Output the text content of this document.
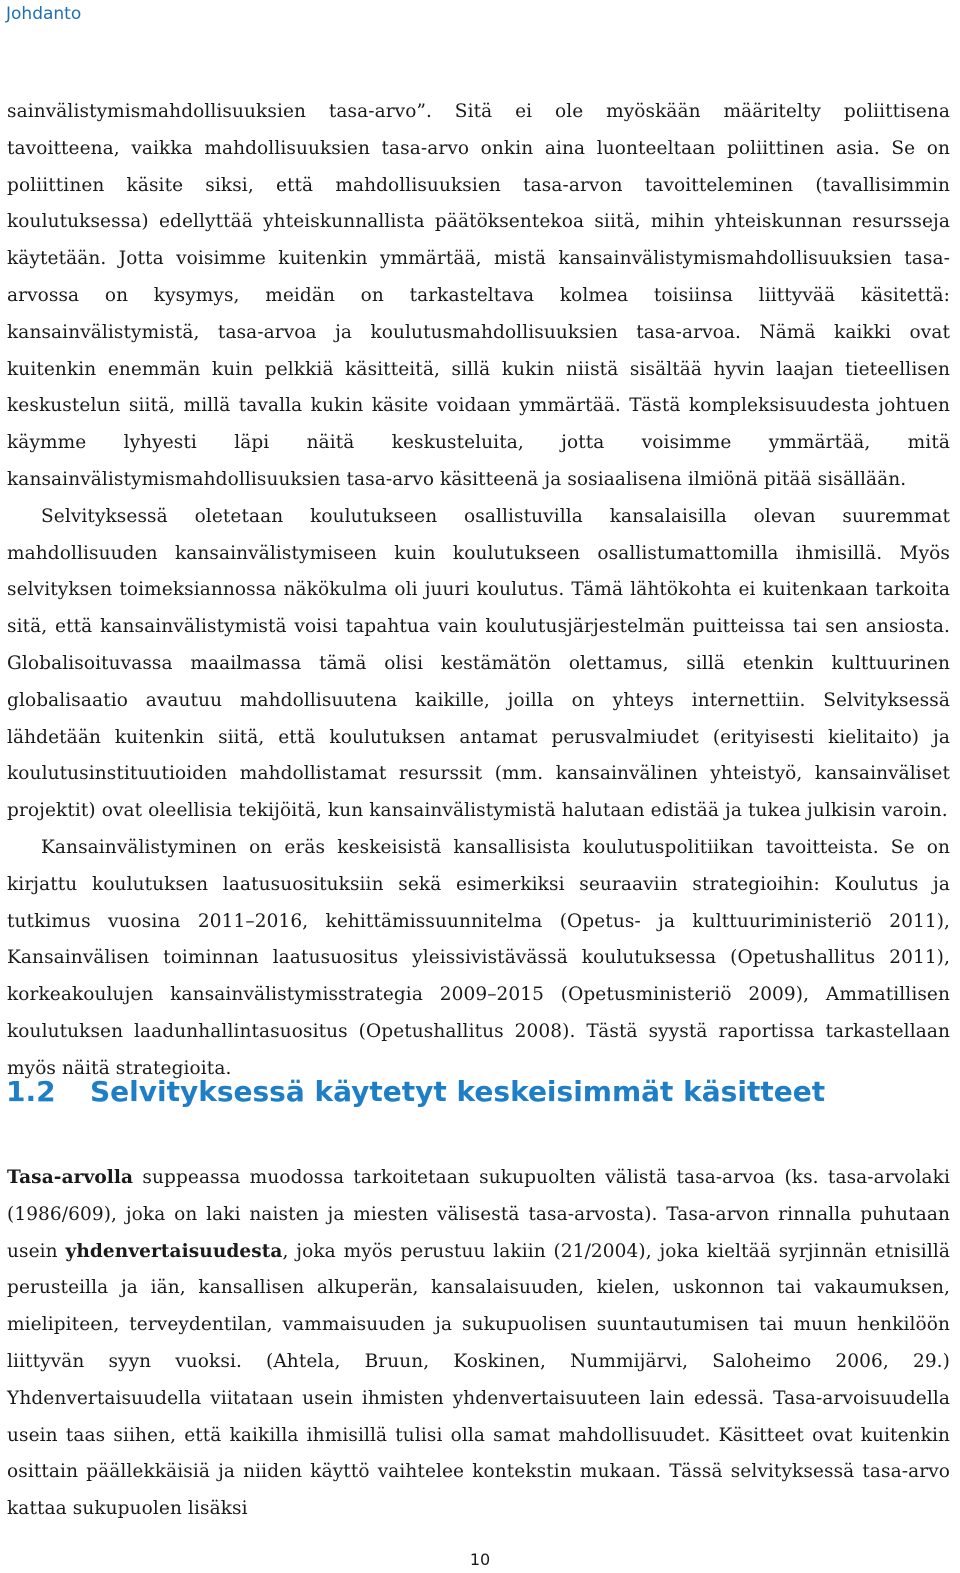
Johdanto

sainvälistymismahdollisuuksien tasa-arvo”. Sitä ei ole myöskään määritelty poliittisena tavoitteena, vaikka mahdollisuuksien tasa-arvo onkin aina luonteeltaan poliittinen asia. Se on poliittinen käsite siksi, että mahdollisuuksien tasa-arvon tavoitteleminen (tavallisimmin koulutuksessa) edellyttää yhteiskunnallista päätöksentekoa siitä, mihin yhteiskunnan resursseja käytetään. Jotta voisimme kuitenkin ymmärtää, mistä kansainvälistymismahdollisuuksien tasa-arvossa on kysymys, meidän on tarkasteltava kolmea toisiinsa liittyvää käsitettä: kansainvälistymistä, tasa-arvoa ja koulutusmahdollisuuksien tasa-arvoa. Nämä kaikki ovat kuitenkin enemmän kuin pelkkiä käsitteitä, sillä kukin niistä sisältää hyvin laajan tieteellisen keskustelun siitä, millä tavalla kukin käsite voidaan ymmärtää. Tästä kompleksisuudesta johtuen käymme lyhyesti läpi näitä keskusteluita, jotta voisimme ymmärtää, mitä kansainvälistymismahdollisuuksien tasa-arvo käsitteenä ja sosiaalisena ilmiönä pitää sisällään.

Selvityksessä oletetaan koulutukseen osallistuvilla kansalaisilla olevan suuremmat mahdollisuuden kansainvälistymiseen kuin koulutukseen osallistumattomilla ihmisillä. Myös selvityksen toimeksiannossa näkökulma oli juuri koulutus. Tämä lähtökohta ei kuitenkaan tarkoita sitä, että kansainvälistymistä voisi tapahtua vain koulutusjärjestelmän puitteissa tai sen ansiosta. Globalisoituvassa maailmassa tämä olisi kestämätön olettamus, sillä etenkin kulttuurinen globalisaatio avautuu mahdollisuutena kaikille, joilla on yhteys internettiin. Selvityksessä lähdetään kuitenkin siitä, että koulutuksen antamat perusvalmiudet (erityisesti kielitaito) ja koulutusinstituutioiden mahdollistamat resurssit (mm. kansainvälinen yhteistyö, kansainväliset projektit) ovat oleellisia tekijöitä, kun kansainvälistymistä halutaan edistää ja tukea julkisin varoin.

Kansainvälistyminen on eräs keskeisistä kansallisista koulutuspolitiikan tavoitteista. Se on kirjattu koulutuksen laatusuosituksiin sekä esimerkiksi seuraaviin strategioihin: Koulutus ja tutkimus vuosina 2011–2016, kehittämissuunnitelma (Opetus- ja kulttuuriministeriö 2011), Kansainvälisen toiminnan laatusuositus yleissivistävässä koulutuksessa (Opetushallitus 2011), korkeakoulujen kansainvälistymisstrategia 2009–2015 (Opetusministeriö 2009), Ammatillisen koulutuksen laadunhallintasuositus (Opetushallitus 2008). Tästä syystä raportissa tarkastellaan myös näitä strategioita.

1.2 Selvityksessä käytetyt keskeisimmät käsitteet

Tasa-arvolla suppeassa muodossa tarkoitetaan sukupuolten välistä tasa-arvoa (ks. tasa-arvolaki (1986/609), joka on laki naisten ja miesten välisestä tasa-arvosta). Tasa-arvon rinnalla puhutaan usein yhdenvertaisuudesta, joka myös perustuu lakiin (21/2004), joka kieltää syrjinnän etnisillä perusteilla ja iän, kansallisen alkuperän, kansalaisuuden, kielen, uskonnon tai vakaumuksen, mielipiteen, terveydentilan, vammaisuuden ja sukupuolisen suuntautumisen tai muun henkilöön liittyvän syyn vuoksi. (Ahtela, Bruun, Koskinen, Nummijärvi, Saloheimo 2006, 29.) Yhdenvertaisuudella viitataan usein ihmisten yhdenvertaisuuteen lain edessä. Tasa-arvoisuudella usein taas siihen, että kaikilla ihmisillä tulisi olla samat mahdollisuudet. Käsitteet ovat kuitenkin osittain päällekkäisiä ja niiden käyttö vaihtelee kontekstin mukaan. Tässä selvityksessä tasa-arvo kattaa sukupuolen lisäksi

10
